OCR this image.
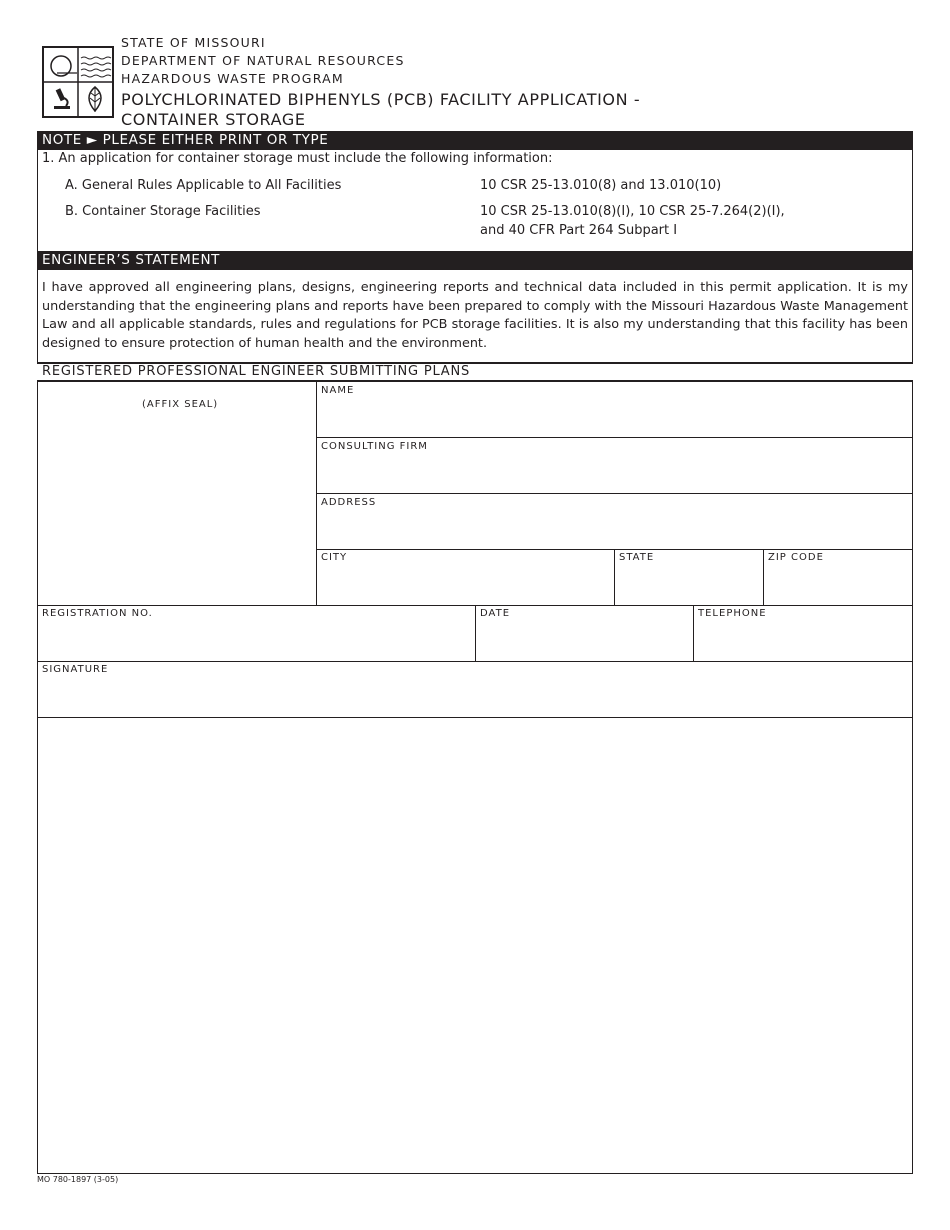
STATE OF MISSOURI
DEPARTMENT OF NATURAL RESOURCES
HAZARDOUS WASTE PROGRAM
POLYCHLORINATED BIPHENYLS (PCB) FACILITY APPLICATION -
CONTAINER STORAGE
NOTE ► PLEASE EITHER PRINT OR TYPE
1. An application for container storage must include the following information:
A. General Rules Applicable to All Facilities	10 CSR 25-13.010(8) and 13.010(10)
B. Container Storage Facilities	10 CSR 25-13.010(8)(I), 10 CSR 25-7.264(2)(I),
and 40 CFR Part 264 Subpart I
ENGINEER’S STATEMENT
I have approved all engineering plans, designs, engineering reports and technical data included in this permit application. It is my understanding that the engineering plans and reports have been prepared to comply with the Missouri Hazardous Waste Management Law and all applicable standards, rules and regulations for PCB storage facilities. It is also my understanding that this facility has been designed to ensure protection of human health and the environment.
REGISTERED PROFESSIONAL ENGINEER SUBMITTING PLANS
(AFFIX SEAL)
NAME
CONSULTING FIRM
ADDRESS
CITY	STATE	ZIP CODE
REGISTRATION NO.	DATE	TELEPHONE
SIGNATURE
MO 780-1897 (3-05)
